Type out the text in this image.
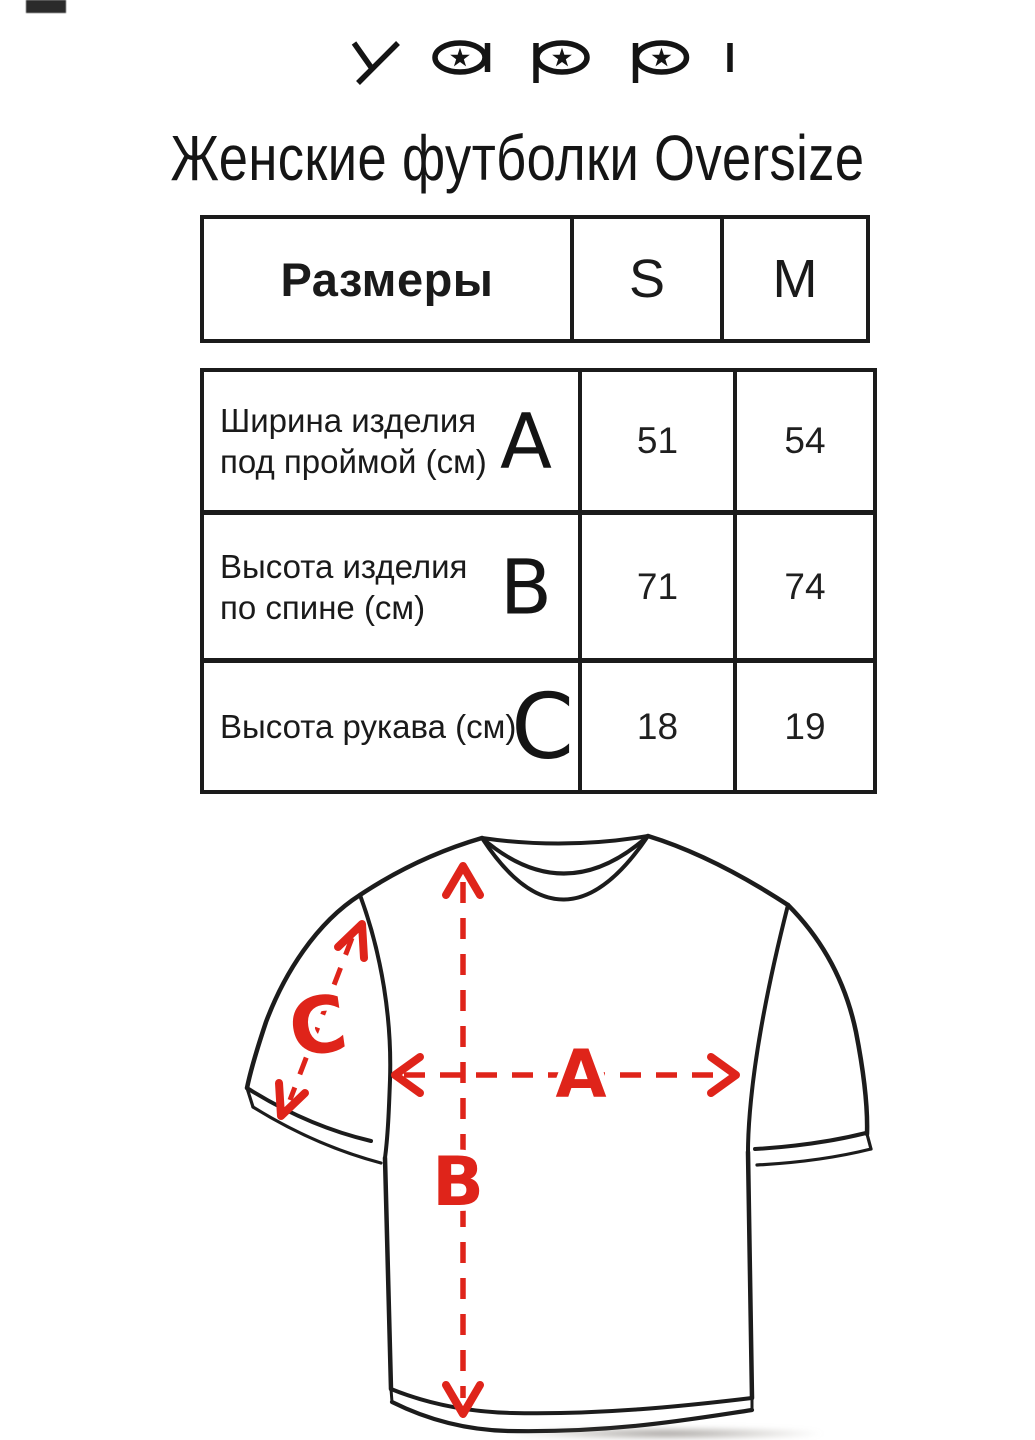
Женские футболки Oversize
Размеры	S	M
Ширина изделия
под проймой (см) A	51	54
Высота изделия
по спине (см) B	71	74
Высота рукава (см)
C	18	19
A
B
C
